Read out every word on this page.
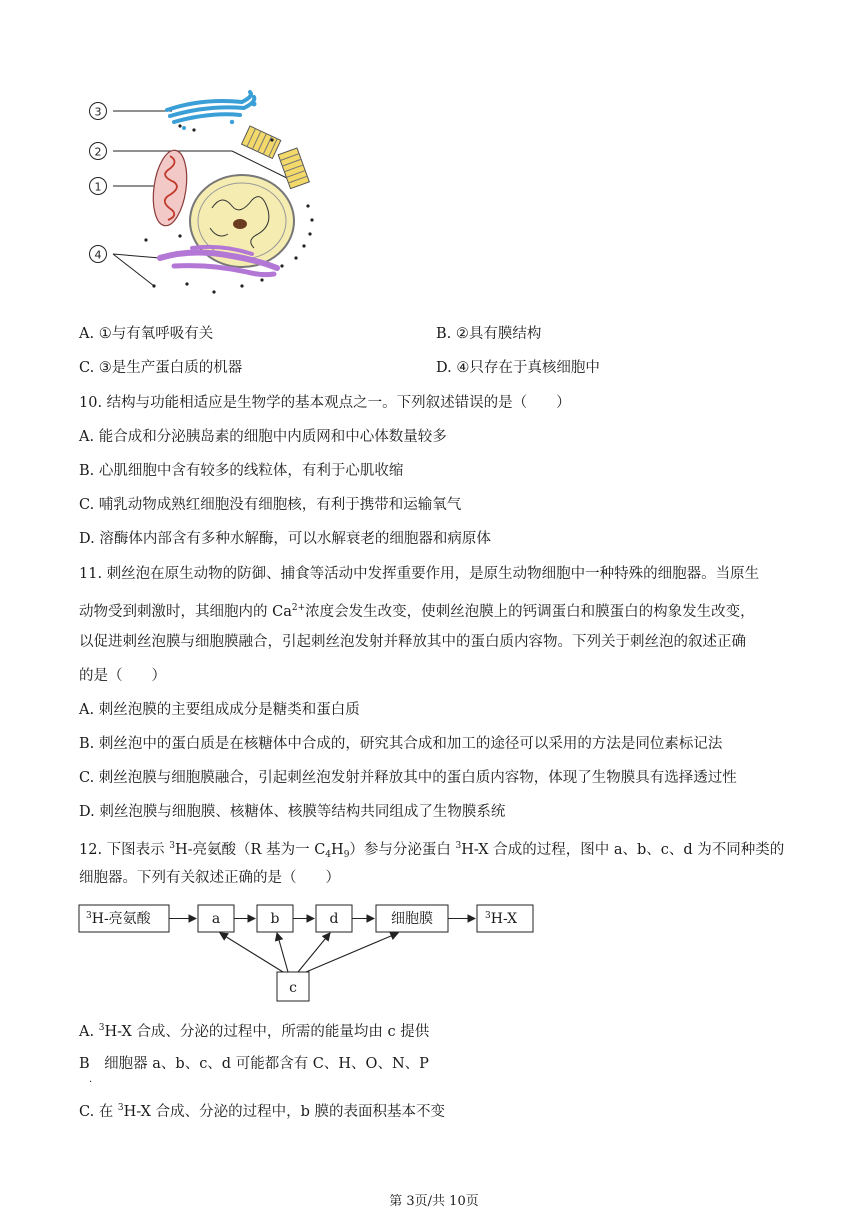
3
2
1
4
A. ①与有氧呼吸有关	B. ②具有膜结构
C. ③是生产蛋白质的机器	D. ④只存在于真核细胞中
10. 结构与功能相适应是生物学的基本观点之一。下列叙述错误的是（　　）
A. 能合成和分泌胰岛素的细胞中内质网和中心体数量较多
B. 心肌细胞中含有较多的线粒体，有利于心肌收缩
C. 哺乳动物成熟红细胞没有细胞核，有利于携带和运输氧气
D. 溶酶体内部含有多种水解酶，可以水解衰老的细胞器和病原体
11. 刺丝泡在原生动物的防御、捕食等活动中发挥重要作用，是原生动物细胞中一种特殊的细胞器。当原生
动物受到刺激时，其细胞内的 $Ca^{2+}$浓度会发生改变，使刺丝泡膜上的钙调蛋白和膜蛋白的构象发生改变，
以促进刺丝泡膜与细胞膜融合，引起刺丝泡发射并释放其中的蛋白质内容物。下列关于刺丝泡的叙述正确
的是（　　）
A. 刺丝泡膜的主要组成成分是糖类和蛋白质
B. 刺丝泡中的蛋白质是在核糖体中合成的，研究其合成和加工的途径可以采用的方法是同位素标记法
C. 刺丝泡膜与细胞膜融合，引起刺丝泡发射并释放其中的蛋白质内容物，体现了生物膜具有选择透过性
D. 刺丝泡膜与细胞膜、核糖体、核膜等结构共同组成了生物膜系统
12. 下图表示 $^3$H-亮氨酸（R 基为一 $C_4H_9$）参与分泌蛋白 $^3$H-X 合成的过程，图中 a、b、c、d 为不同种类的
细胞器。下列有关叙述正确的是（　　）
$^3$H-亮氨酸	a	b	d	细胞膜	$^3$H-X
c
A. $^3$H-X 合成、分泌的过程中，所需的能量均由 c 提供
B　细胞器 a、b、c、d 可能都含有 C、H、O、N、P
.
C. 在 $^3$H-X 合成、分泌的过程中，b 膜的表面积基本不变
第 3页/共 10页
